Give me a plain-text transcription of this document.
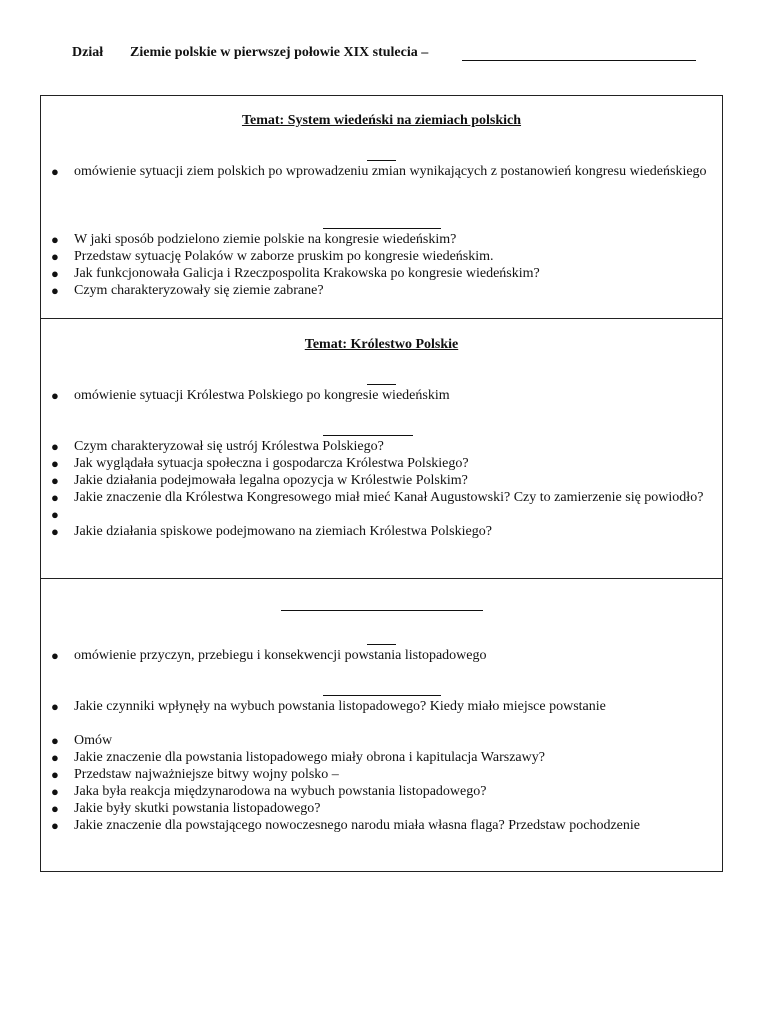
Dział Ziemie polskie w pierwszej połowie XIX stulecia –
Temat: System wiedeński na ziemiach polskich
● omówienie sytuacji ziem polskich po wprowadzeniu zmian wynikających z postanowień kongresu wiedeńskiego
● W jaki sposób podzielono ziemie polskie na kongresie wiedeńskim?
● Przedstaw sytuację Polaków w zaborze pruskim po kongresie wiedeńskim.
● Jak funkcjonowała Galicja i Rzeczpospolita Krakowska po kongresie wiedeńskim?
● Czym charakteryzowały się ziemie zabrane?
Temat: Królestwo Polskie
● omówienie sytuacji Królestwa Polskiego po kongresie wiedeńskim
● Czym charakteryzował się ustrój Królestwa Polskiego?
● Jak wyglądała sytuacja społeczna i gospodarcza Królestwa Polskiego?
● Jakie działania podejmowała legalna opozycja w Królestwie Polskim?
● Jakie znaczenie dla Królestwa Kongresowego miał mieć Kanał Augustowski? Czy to zamierzenie się powiodło?
●
● Jakie działania spiskowe podejmowano na ziemiach Królestwa Polskiego?
● omówienie przyczyn, przebiegu i konsekwencji powstania listopadowego
● Jakie czynniki wpłynęły na wybuch powstania listopadowego? Kiedy miało miejsce powstanie
● Omów
● Jakie znaczenie dla powstania listopadowego miały obrona i kapitulacja Warszawy?
● Przedstaw najważniejsze bitwy wojny polsko –
● Jaka była reakcja międzynarodowa na wybuch powstania listopadowego?
● Jakie były skutki powstania listopadowego?
● Jakie znaczenie dla powstającego nowoczesnego narodu miała własna flaga? Przedstaw pochodzenie
